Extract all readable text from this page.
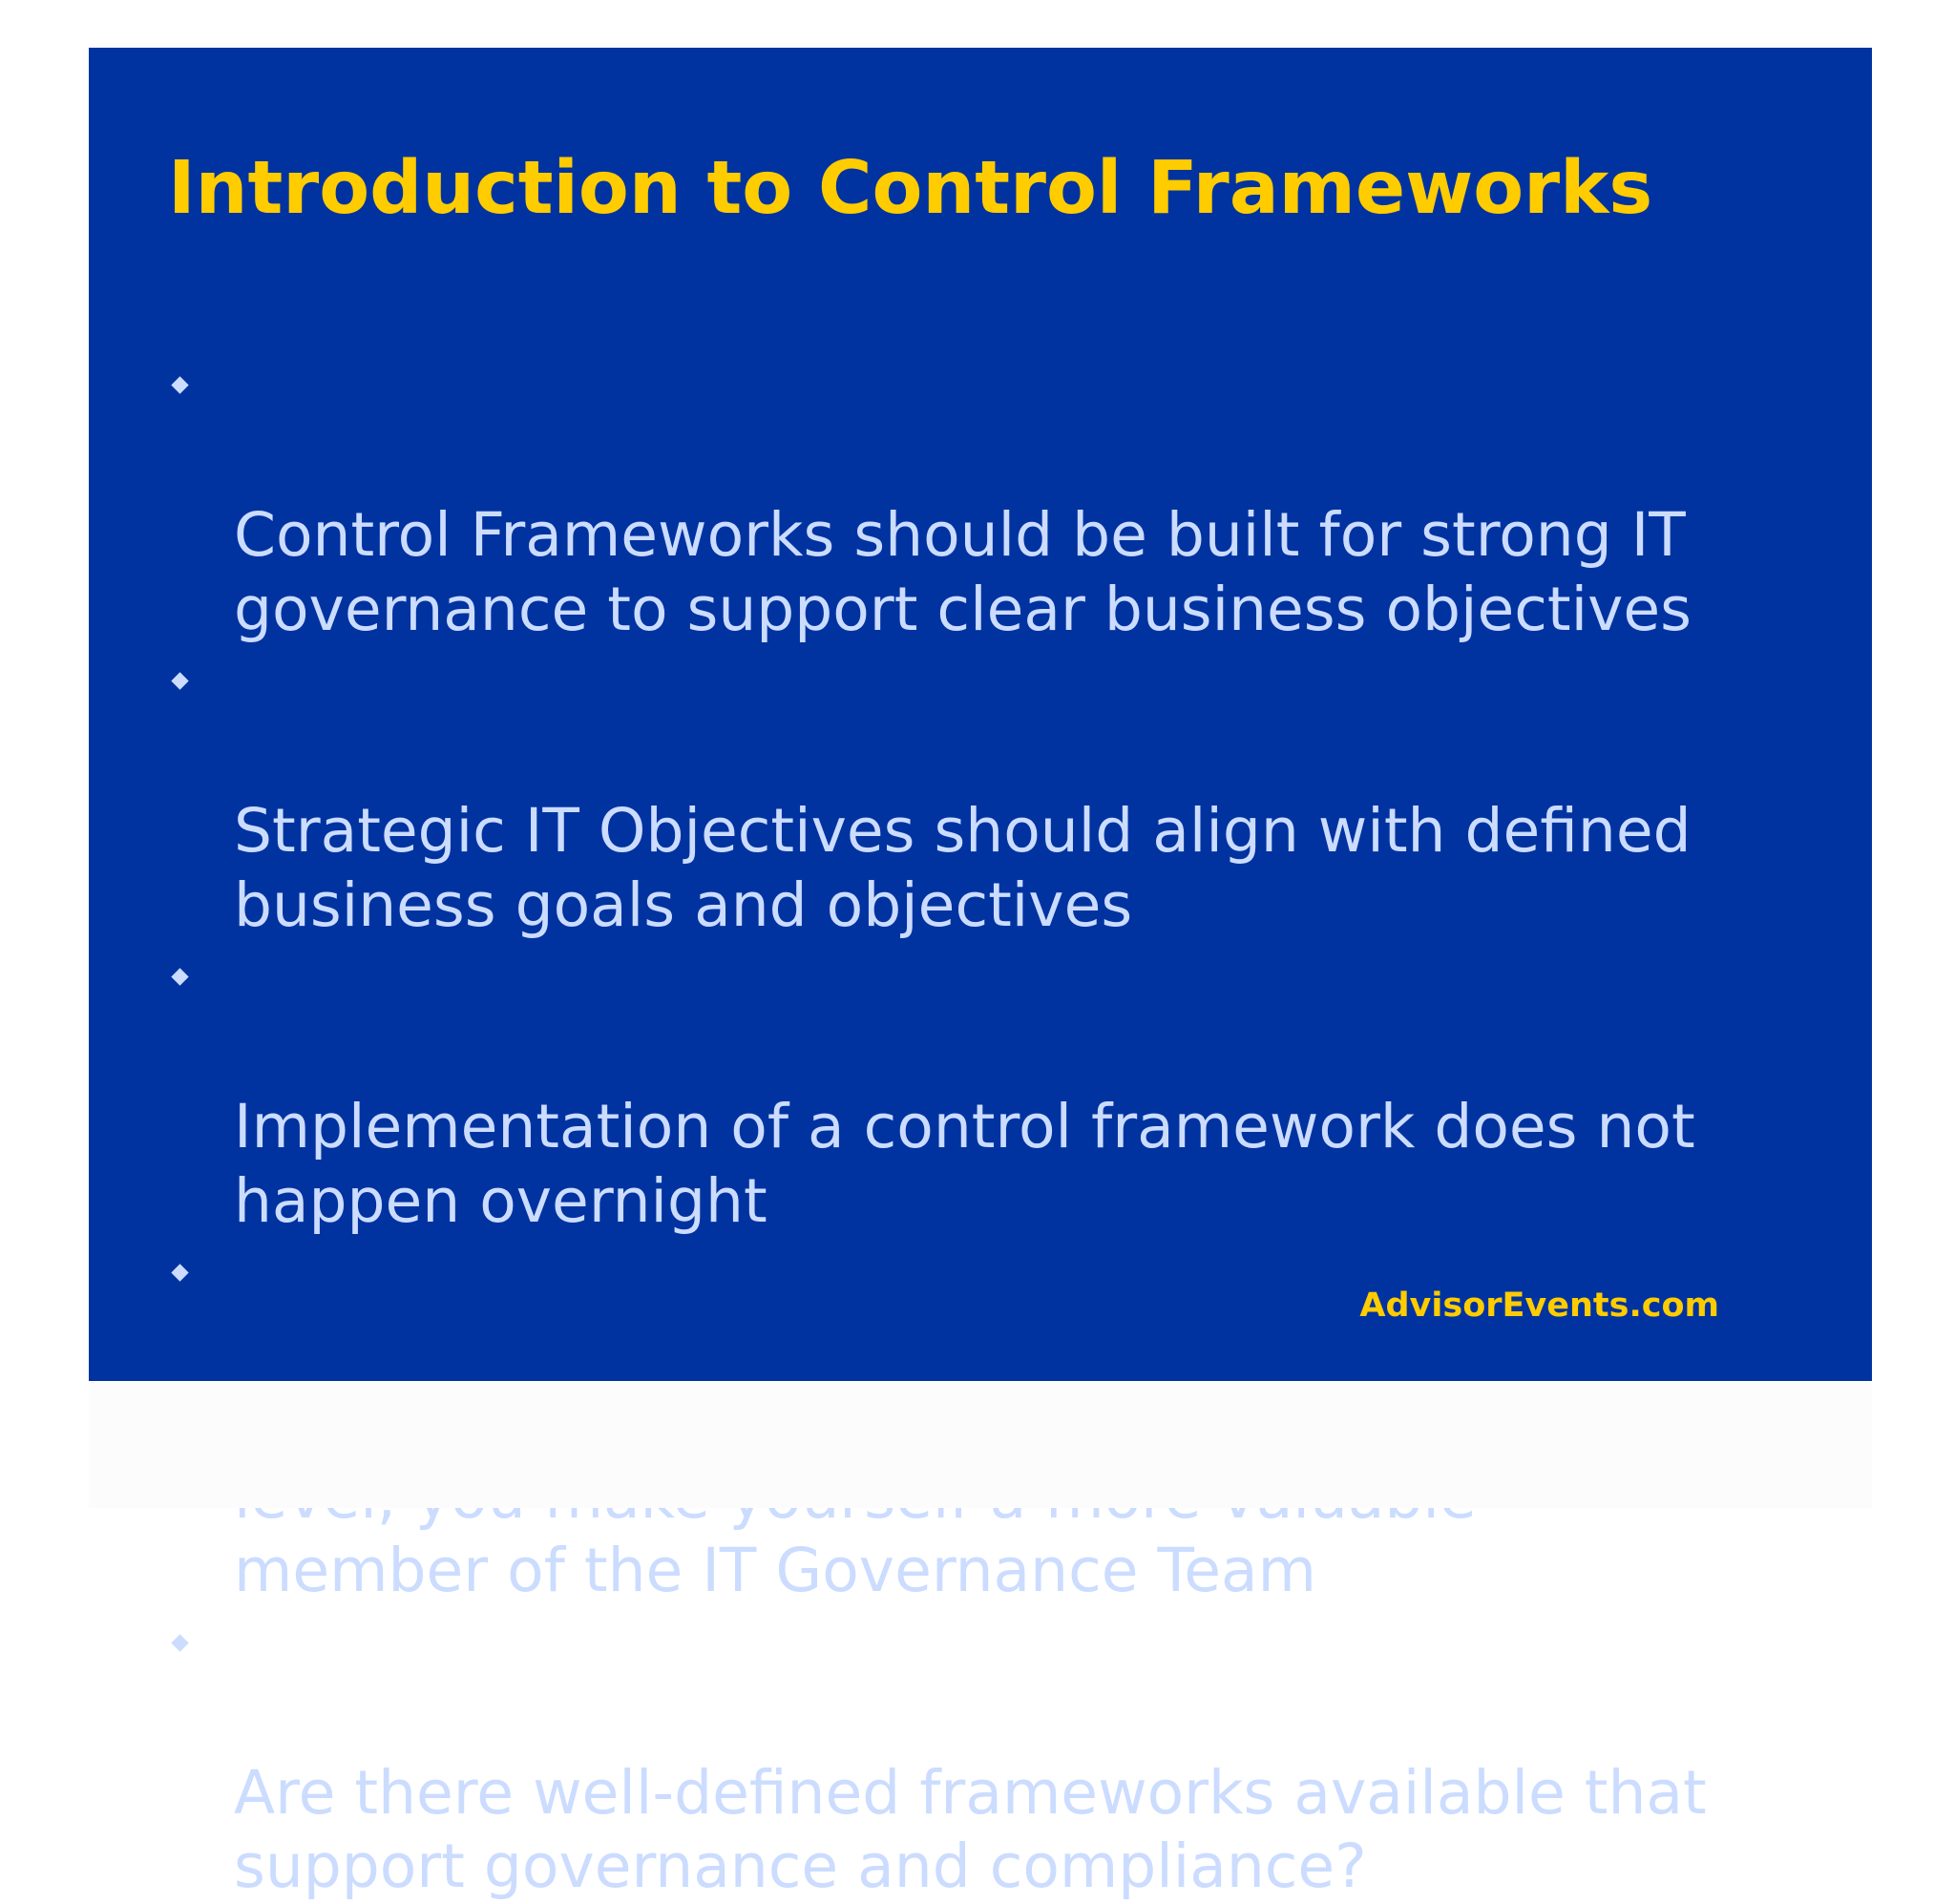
Introduction to Control Frameworks

Control Frameworks should be built for strong IT
governance to support clear business objectives

Strategic IT Objectives should align with defined
business goals and objectives

Implementation of a control framework does not
happen overnight

member of the IT Governance Team

Are there well-defined frameworks available that
support governance and compliance?

AdvisorEvents.com
